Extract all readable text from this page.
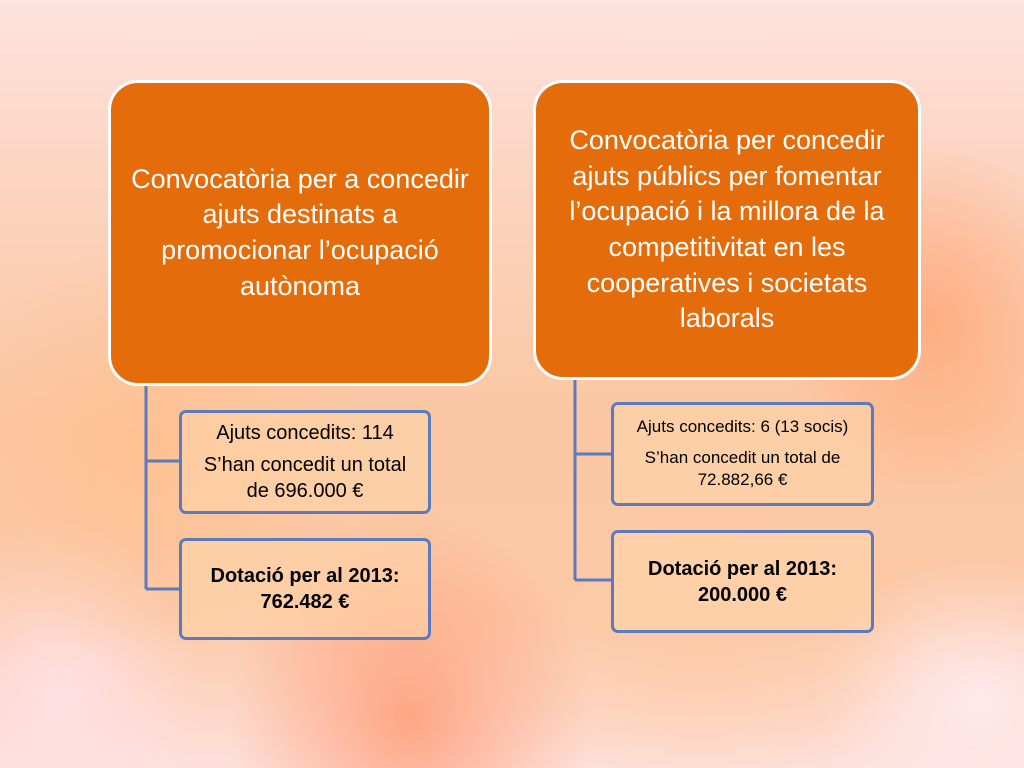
Convocatòria per a concedir ajuts destinats a promocionar l’ocupació autònoma

Ajuts concedits: 114

S’han concedit un total de 696.000 €

Dotació per al 2013:

762.482 €

Convocatòria per concedir ajuts públics per fomentar l’ocupació i la millora de la competitivitat en les cooperatives i societats laborals

Ajuts concedits: 6 (13 socis)

S’han concedit un total de 72.882,66 €

Dotació per al 2013:

200.000 €
